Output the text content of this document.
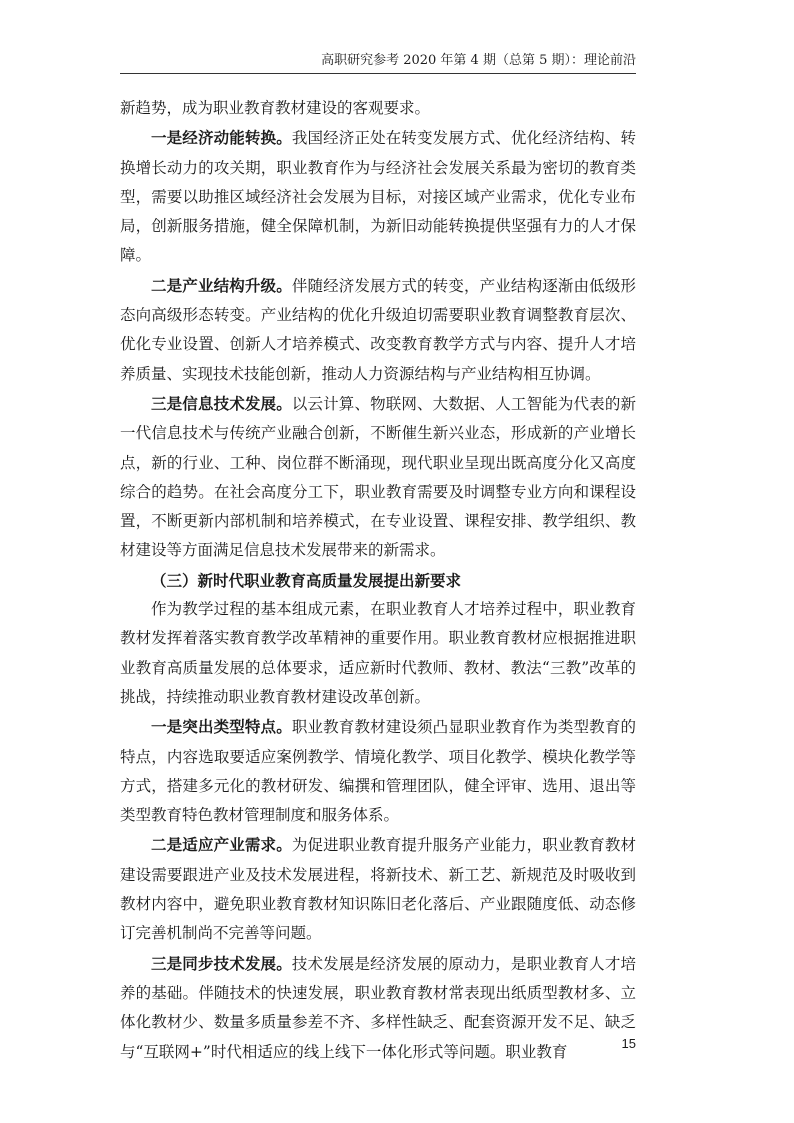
高职研究参考 2020 年第 4 期（总第 5 期）：理论前沿

新趋势，成为职业教育教材建设的客观要求。

一是经济动能转换。我国经济正处在转变发展方式、优化经济结构、转换增长动力的攻关期，职业教育作为与经济社会发展关系最为密切的教育类型，需要以助推区域经济社会发展为目标，对接区域产业需求，优化专业布局，创新服务措施，健全保障机制，为新旧动能转换提供坚强有力的人才保障。

二是产业结构升级。伴随经济发展方式的转变，产业结构逐渐由低级形态向高级形态转变。产业结构的优化升级迫切需要职业教育调整教育层次、优化专业设置、创新人才培养模式、改变教育教学方式与内容、提升人才培养质量、实现技术技能创新，推动人力资源结构与产业结构相互协调。

三是信息技术发展。以云计算、物联网、大数据、人工智能为代表的新一代信息技术与传统产业融合创新，不断催生新兴业态，形成新的产业增长点，新的行业、工种、岗位群不断涌现，现代职业呈现出既高度分化又高度综合的趋势。在社会高度分工下，职业教育需要及时调整专业方向和课程设置，不断更新内部机制和培养模式，在专业设置、课程安排、教学组织、教材建设等方面满足信息技术发展带来的新需求。

（三）新时代职业教育高质量发展提出新要求

作为教学过程的基本组成元素，在职业教育人才培养过程中，职业教育教材发挥着落实教育教学改革精神的重要作用。职业教育教材应根据推进职业教育高质量发展的总体要求，适应新时代教师、教材、教法“三教”改革的挑战，持续推动职业教育教材建设改革创新。

一是突出类型特点。职业教育教材建设须凸显职业教育作为类型教育的特点，内容选取要适应案例教学、情境化教学、项目化教学、模块化教学等方式，搭建多元化的教材研发、编撰和管理团队，健全评审、选用、退出等类型教育特色教材管理制度和服务体系。

二是适应产业需求。为促进职业教育提升服务产业能力，职业教育教材建设需要跟进产业及技术发展进程，将新技术、新工艺、新规范及时吸收到教材内容中，避免职业教育教材知识陈旧老化落后、产业跟随度低、动态修订完善机制尚不完善等问题。

三是同步技术发展。技术发展是经济发展的原动力，是职业教育人才培养的基础。伴随技术的快速发展，职业教育教材常表现出纸质型教材多、立体化教材少、数量多质量参差不齐、多样性缺乏、配套资源开发不足、缺乏与“互联网+”时代相适应的线上线下一体化形式等问题。职业教育	15
